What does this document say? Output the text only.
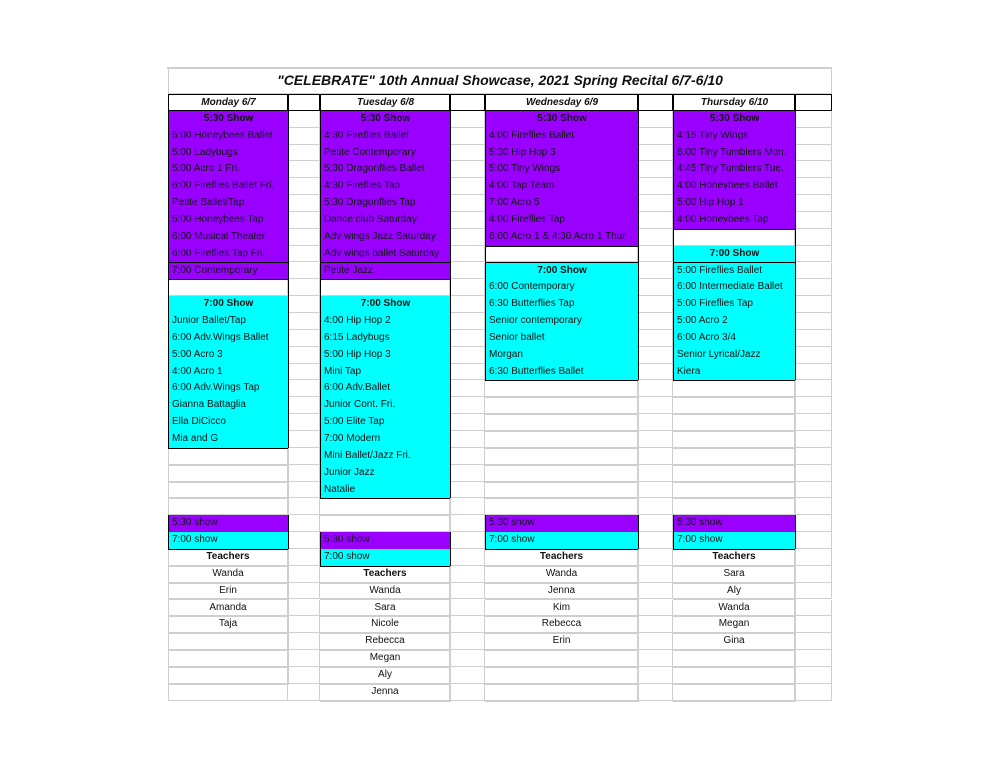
"CELEBRATE" 10th Annual Showcase, 2021 Spring Recital 6/7-6/10
Monday 6/7
5:30 Show
5:00 Honeybees Ballet
5:00 Ladybugs
5:00 Acro 1 Fri.
6:00 Fireflies Ballet Fri.
Petite Ballet/Tap
5:00 Honeybees Tap
6:00 Musical Theater
6:00 Fireflies Tap Fri.
7:00 Contemporary
7:00 Show
Junior Ballet/Tap
6:00 Adv.Wings Ballet
5:00 Acro 3
4:00 Acro 1
6:00 Adv.Wings Tap
Gianna Battaglia
Ella DiCicco
Mia and G
5:30 show
7:00 show
Teachers
Wanda
Erin
Amanda
Taja
Tuesday 6/8
5:30 Show
4:30 Fireflies Ballet
Petite Contemporary
5:30 Dragonflies Ballet
4:30 Fireflies Tap
5:30 Dragonflies Tap
Dance club Saturday
Adv wings Jazz Saturday
Adv wings ballet Saturday
Petite Jazz
7:00 Show
4:00 Hip Hop 2
6:15 Ladybugs
5:00 Hip Hop 3
Mini Tap
6:00 Adv.Ballet
Junior Cont. Fri.
5:00 Elite Tap
7:00 Modern
Mini Ballet/Jazz Fri.
Junior Jazz
Natalie
5:30 show
7:00 show
Teachers
Wanda
Sara
Nicole
Rebecca
Megan
Aly
Jenna
Wednesday 6/9
5:30 Show
4:00 Fireflies Ballet
5:30 Hip Hop 3
5:00 Tiny Wings
4:00 Tap Team
7:00 Acro 5
4:00 Fireflies Tap
6:00 Acro 1 & 4:30 Acro 1 Thur
7:00 Show
6:00 Contemporary
6:30 Butterflies Tap
Senior contemporary
Senior ballet
Morgan
6:30 Butterflies Ballet
5:30 show
7:00 show
Teachers
Wanda
Jenna
Kim
Rebecca
Erin
Thursday 6/10
5:30 Show
4:15 Tiny Wings
6:00 Tiny Tumblers Mon.
4:45 Tiny Tumblers Tue.
4:00 Honeybees Ballet
5:00 Hip Hop 1
4:00 Honeybees Tap
7:00 Show
5:00 Fireflies Ballet
6:00 Intermediate Ballet
5:00 Fireflies Tap
5:00 Acro 2
6:00 Acro 3/4
Senior Lyrical/Jazz
Kiera
5:30 show
7:00 show
Teachers
Sara
Aly
Wanda
Megan
Gina
